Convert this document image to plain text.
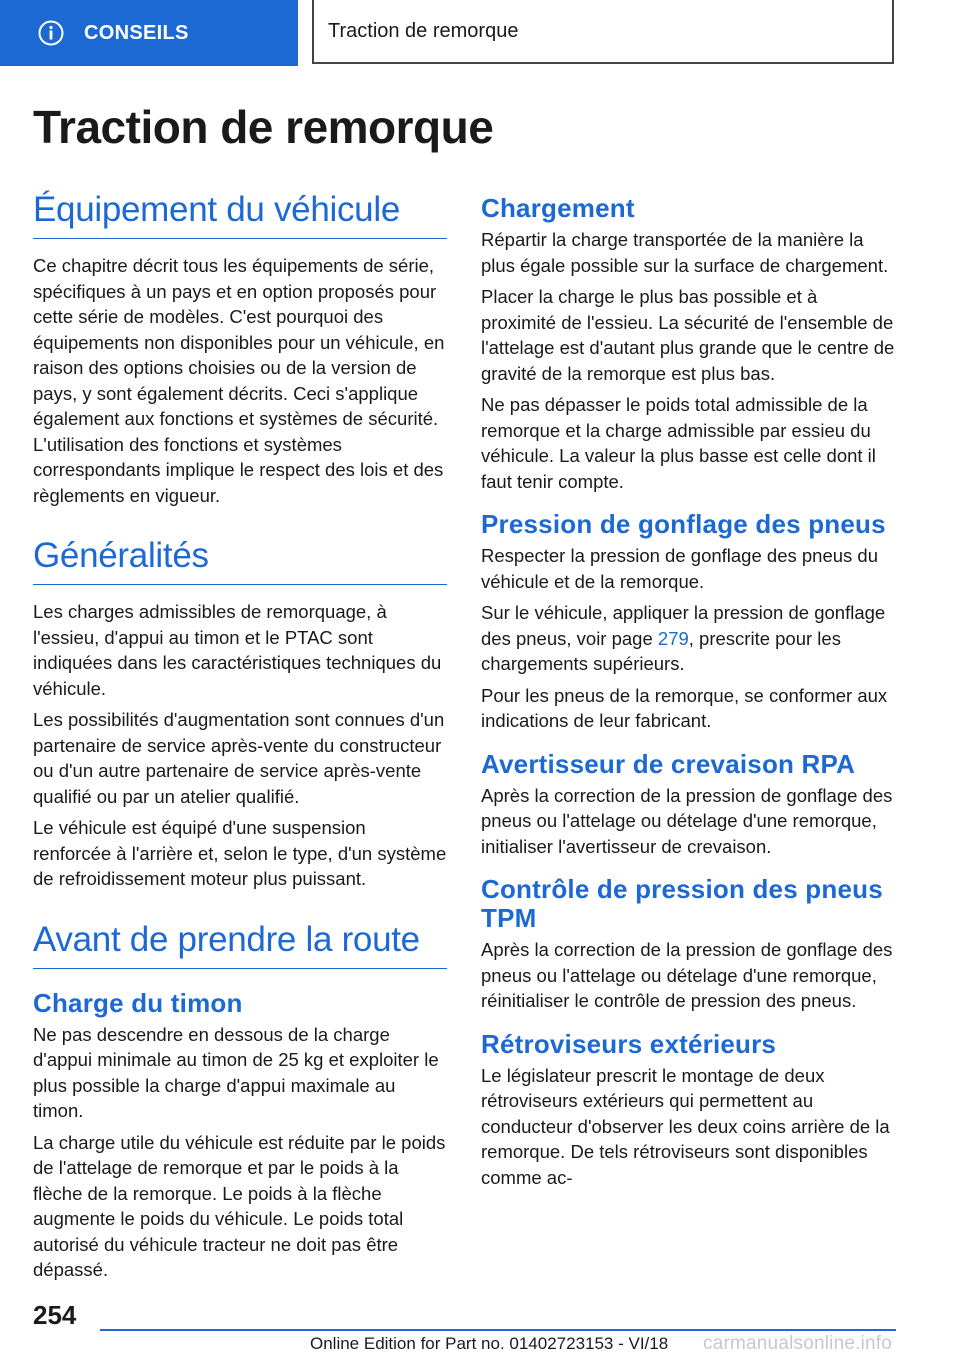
CONSEILS	Traction de remorque
Traction de remorque
Équipement du véhicule

Ce chapitre décrit tous les équipements de série, spécifiques à un pays et en option proposés pour cette série de modèles. C'est pourquoi des équipements non disponibles pour un véhicule, en raison des options choisies ou de la version de pays, y sont également décrits. Ceci s'applique également aux fonctions et systèmes de sécurité. L'utilisation des fonctions et systèmes correspondants implique le respect des lois et des règlements en vigueur.

Généralités

Les charges admissibles de remorquage, à l'essieu, d'appui au timon et le PTAC sont indiquées dans les caractéristiques techniques du véhicule.

Les possibilités d'augmentation sont connues d'un partenaire de service après-vente du constructeur ou d'un autre partenaire de service après-vente qualifié ou par un atelier qualifié.

Le véhicule est équipé d'une suspension renforcée à l'arrière et, selon le type, d'un système de refroidissement moteur plus puissant.

Avant de prendre la route
Charge du timon

Ne pas descendre en dessous de la charge d'appui minimale au timon de 25 kg et exploiter le plus possible la charge d'appui maximale au timon.

La charge utile du véhicule est réduite par le poids de l'attelage de remorque et par le poids à la flèche de la remorque. Le poids à la flèche augmente le poids du véhicule. Le poids total autorisé du véhicule tracteur ne doit pas être dépassé.

Chargement

Répartir la charge transportée de la manière la plus égale possible sur la surface de chargement.

Placer la charge le plus bas possible et à proximité de l'essieu. La sécurité de l'ensemble de l'attelage est d'autant plus grande que le centre de gravité de la remorque est plus bas.

Ne pas dépasser le poids total admissible de la remorque et la charge admissible par essieu du véhicule. La valeur la plus basse est celle dont il faut tenir compte.

Pression de gonflage des pneus

Respecter la pression de gonflage des pneus du véhicule et de la remorque.

Sur le véhicule, appliquer la pression de gonflage des pneus, voir page 279, prescrite pour les chargements supérieurs.

Pour les pneus de la remorque, se conformer aux indications de leur fabricant.

Avertisseur de crevaison RPA

Après la correction de la pression de gonflage des pneus ou l'attelage ou dételage d'une remorque, initialiser l'avertisseur de crevaison.

Contrôle de pression des pneus TPM

Après la correction de la pression de gonflage des pneus ou l'attelage ou dételage d'une remorque, réinitialiser le contrôle de pression des pneus.

Rétroviseurs extérieurs

Le législateur prescrit le montage de deux rétroviseurs extérieurs qui permettent au conducteur d'observer les deux coins arrière de la remorque. De tels rétroviseurs sont disponibles comme ac-

254
Online Edition for Part no. 01402723153 - VI/18 carmanualsonline.info
